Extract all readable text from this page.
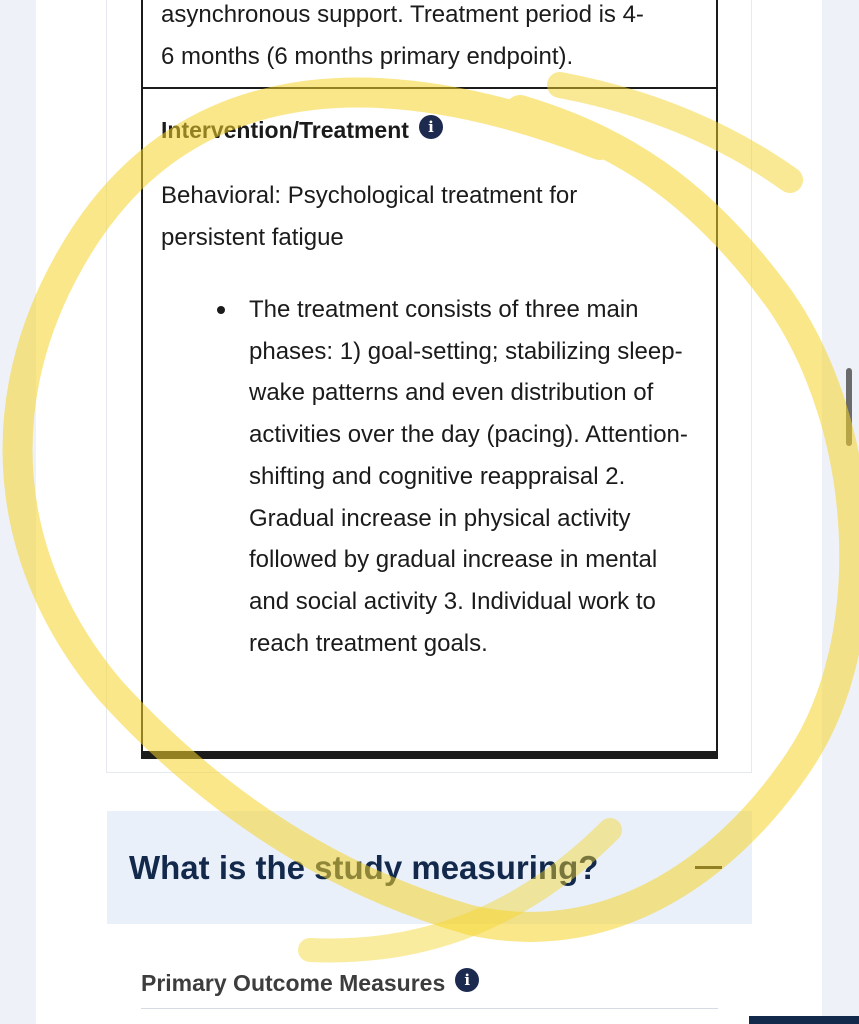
asynchronous support. Treatment period is 4-
6 months (6 months primary endpoint).

Intervention/Treatment	i

Behavioral: Psychological treatment for
persistent fatigue

The treatment consists of three main phases: 1) goal-setting; stabilizing sleep-wake patterns and even distribution of activities over the day (pacing). Attention-shifting and cognitive reappraisal 2. Gradual increase in physical activity followed by gradual increase in mental and social activity 3. Individual work to reach treatment goals.
What is the study measuring?
Primary Outcome Measures	i
